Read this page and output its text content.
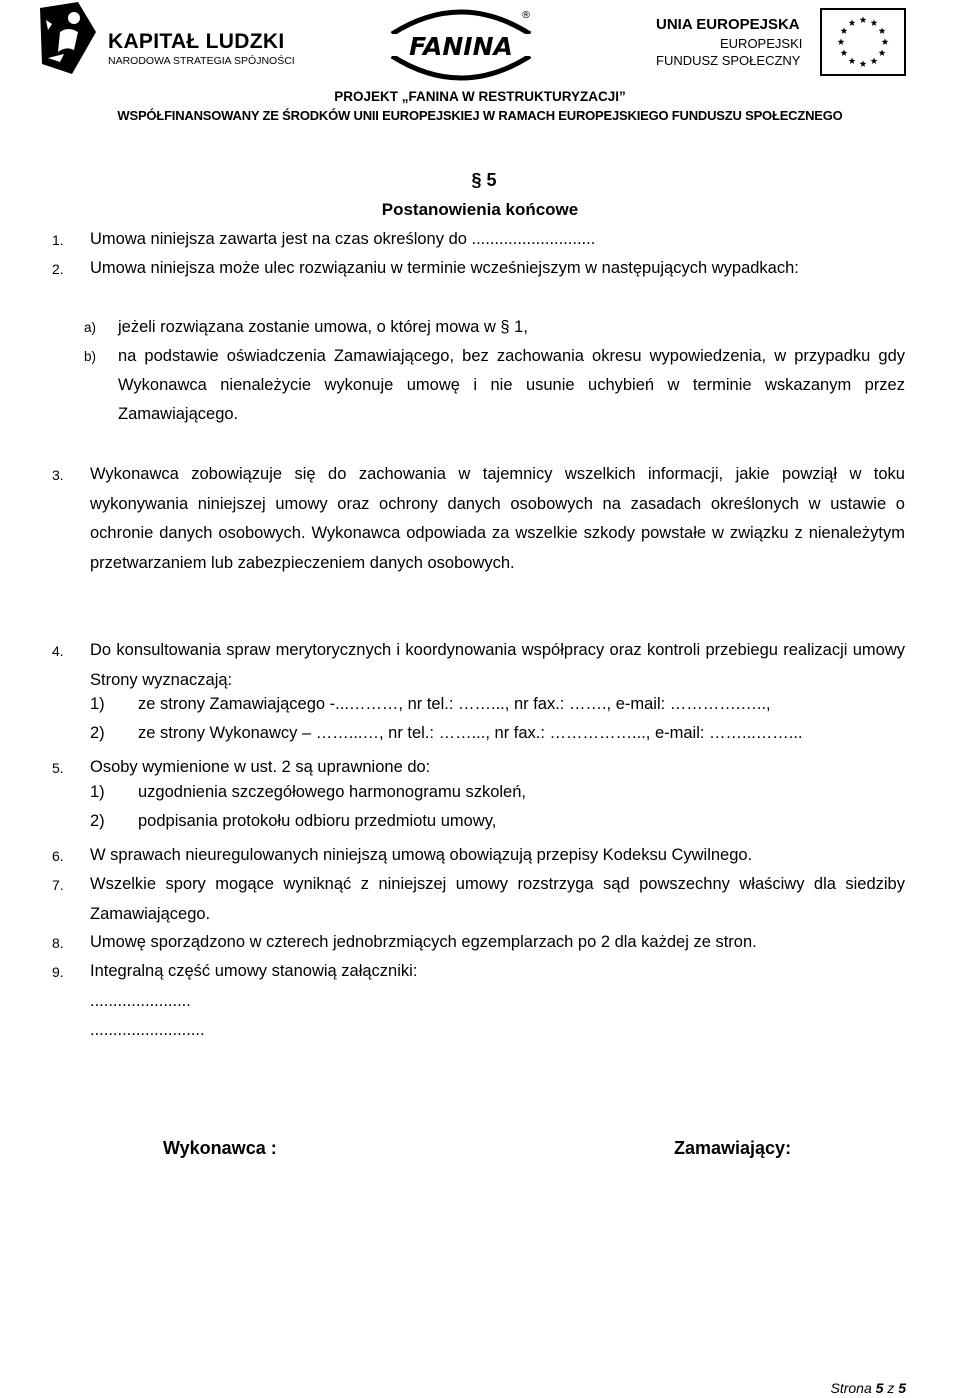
KAPITAŁ LUDZKI
NARODOWA STRATEGIA SPÓJNOŚCI	FANINA
®
UNIA EUROPEJSKA
EUROPEJSKI
FUNDUSZ SPOŁECZNY
PROJEKT „FANINA W RESTRUKTURYZACJI”
WSPÓŁFINANSOWANY ZE ŚRODKÓW UNII EUROPEJSKIEJ W RAMACH EUROPEJSKIEGO FUNDUSZU SPOŁECZNEGO
§ 5
Postanowienia końcowe
1. Umowa niniejsza zawarta jest na czas określony do ...........................
2. Umowa niniejsza może ulec rozwiązaniu w terminie wcześniejszym w następujących wypadkach:
a) jeżeli rozwiązana zostanie umowa, o której mowa w § 1,
b) na podstawie oświadczenia Zamawiającego, bez zachowania okresu wypowiedzenia, w przypadku gdy Wykonawca nienależycie wykonuje umowę i nie usunie uchybień w terminie wskazanym przez Zamawiającego.
3. Wykonawca zobowiązuje się do zachowania w tajemnicy wszelkich informacji, jakie powziął w toku wykonywania niniejszej umowy oraz ochrony danych osobowych na zasadach określonych w ustawie o ochronie danych osobowych. Wykonawca odpowiada za wszelkie szkody powstałe w związku z nienależytym przetwarzaniem lub zabezpieczeniem danych osobowych.
4. Do konsultowania spraw merytorycznych i koordynowania współpracy oraz kontroli przebiegu realizacji umowy Strony wyznaczają:
1) ze strony Zamawiającego -...………, nr tel.: ……..., nr fax.: ……., e-mail: ………….…..,
2) ze strony Wykonawcy – ……...…, nr tel.: ……..., nr fax.: ……………..., e-mail: ……...……...
5. Osoby wymienione w ust. 2 są uprawnione do:
1) uzgodnienia szczegółowego harmonogramu szkoleń,
2) podpisania protokołu odbioru przedmiotu umowy,
6. W sprawach nieuregulowanych niniejszą umową obowiązują przepisy Kodeksu Cywilnego.
7. Wszelkie spory mogące wyniknąć z niniejszej umowy rozstrzyga sąd powszechny właściwy dla siedziby Zamawiającego.
8. Umowę sporządzono w czterech jednobrzmiących egzemplarzach po 2 dla każdej ze stron.
9. Integralną część umowy stanowią załączniki:
......................
.........................
Wykonawca :	Zamawiający:
Strona 5 z 5
